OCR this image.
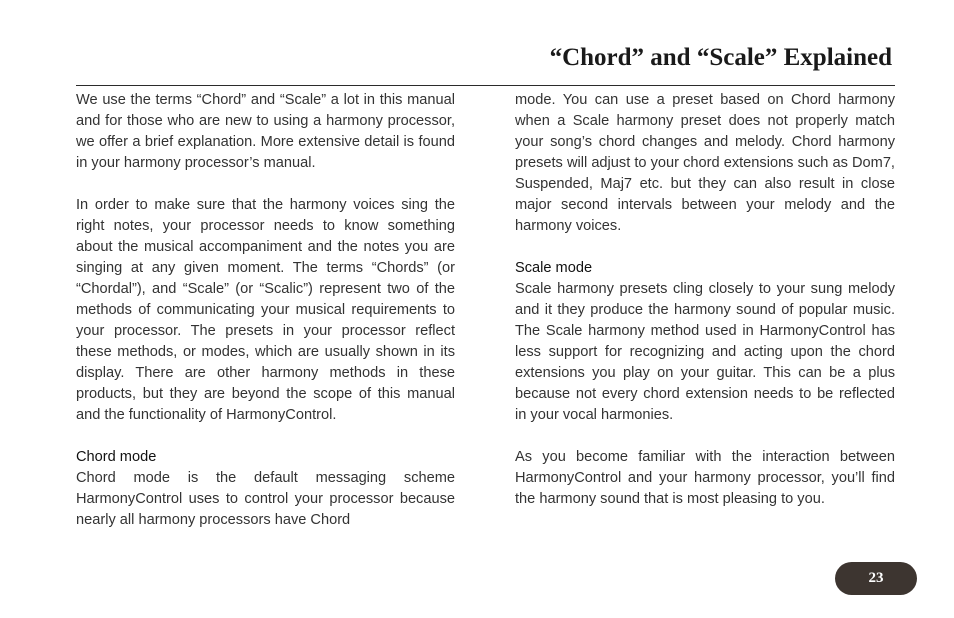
“Chord” and “Scale” Explained

We use the terms “Chord” and “Scale” a lot in this manual and for those who are new to using a harmony processor, we offer a brief explanation. More extensive detail is found in your harmony processor’s manual.

In order to make sure that the harmony voices sing the right notes, your processor needs to know something about the musical accompaniment and the notes you are singing at any given moment. The terms “Chords” (or “Chordal”), and “Scale” (or “Scalic”) represent two of the methods of communicating your musical requirements to your processor. The presets in your processor reflect these methods, or modes, which are usually shown in its display. There are other harmony methods in these products, but they are beyond the scope of this manual and the functionality of HarmonyControl.

Chord mode

Chord mode is the default messaging scheme HarmonyControl uses to control your processor because nearly all harmony processors have Chord

mode. You can use a preset based on Chord harmony when a Scale harmony preset does not properly match your song’s chord changes and melody. Chord harmony presets will adjust to your chord extensions such as Dom7, Suspended, Maj7 etc. but they can also result in close major second intervals between your melody and the harmony voices.

Scale mode

Scale harmony presets cling closely to your sung melody and it they produce the harmony sound of popular music. The Scale harmony method used in HarmonyControl has less support for recognizing and acting upon the chord extensions you play on your guitar. This can be a plus because not every chord extension needs to be reflected in your vocal harmonies.

As you become familiar with the interaction between HarmonyControl and your harmony processor, you’ll find the harmony sound that is most pleasing to you.

23
